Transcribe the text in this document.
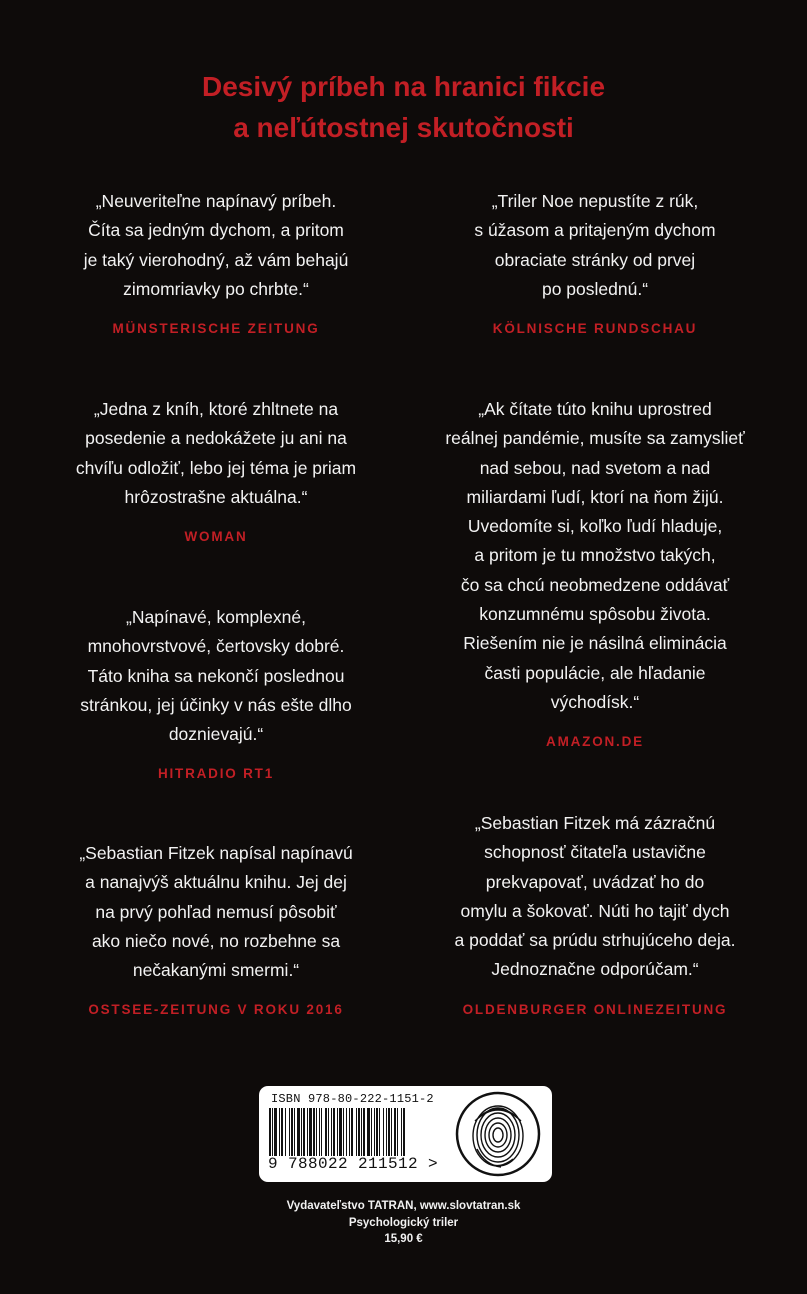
Desivý príbeh na hranici fikcie
a neľútostnej skutočnosti
„Neuveriteľne napínavý príbeh.
Číta sa jedným dychom, a pritom
je taký vierohodný, až vám behajú
zimomriavky po chrbte.“
MÜNSTERISCHE ZEITUNG
„Triler Noe nepustíte z rúk,
s úžasom a pritajeným dychom
obraciate stránky od prvej
po poslednú.“
KÖLNISCHE RUNDSCHAU
„Jedna z kníh, ktoré zhltnete na
posedenie a nedokážete ju ani na
chvíľu odložiť, lebo jej téma je priam
hrôzostrašne aktuálna.“
WOMAN
„Ak čítate túto knihu uprostred
reálnej pandémie, musíte sa zamyslieť
nad sebou, nad svetom a nad
miliardami ľudí, ktorí na ňom žijú.
Uvedomíte si, koľko ľudí hladuje,
a pritom je tu množstvo takých,
čo sa chcú neobmedzene oddávať
konzumnému spôsobu života.
Riešením nie je násilná eliminácia
časti populácie, ale hľadanie
východísk.“
AMAZON.DE
„Napínavé, komplexné,
mnohovrstvové, čertovsky dobré.
Táto kniha sa nekončí poslednou
stránkou, jej účinky v nás ešte dlho
doznievajú.“
HITRADIO RT1
„Sebastian Fitzek napísal napínavú
a nanajvýš aktuálnu knihu. Jej dej
na prvý pohľad nemusí pôsobiť
ako niečo nové, no rozbehne sa
nečakanými smermi.“
OSTSEE-ZEITUNG V ROKU 2016
„Sebastian Fitzek má zázračnú
schopnosť čitateľa ustavične
prekvapovať, uvádzať ho do
omylu a šokovať. Núti ho tajiť dych
a poddať sa prúdu strhujúceho deja.
Jednoznačne odporúčam.“
OLDENBURGER ONLINEZEITUNG
ISBN 978-80-222-1151-2
9 788022 211512 >
Vydavateľstvo TATRAN, www.slovtatran.sk
Psychologický triler
15,90 €
